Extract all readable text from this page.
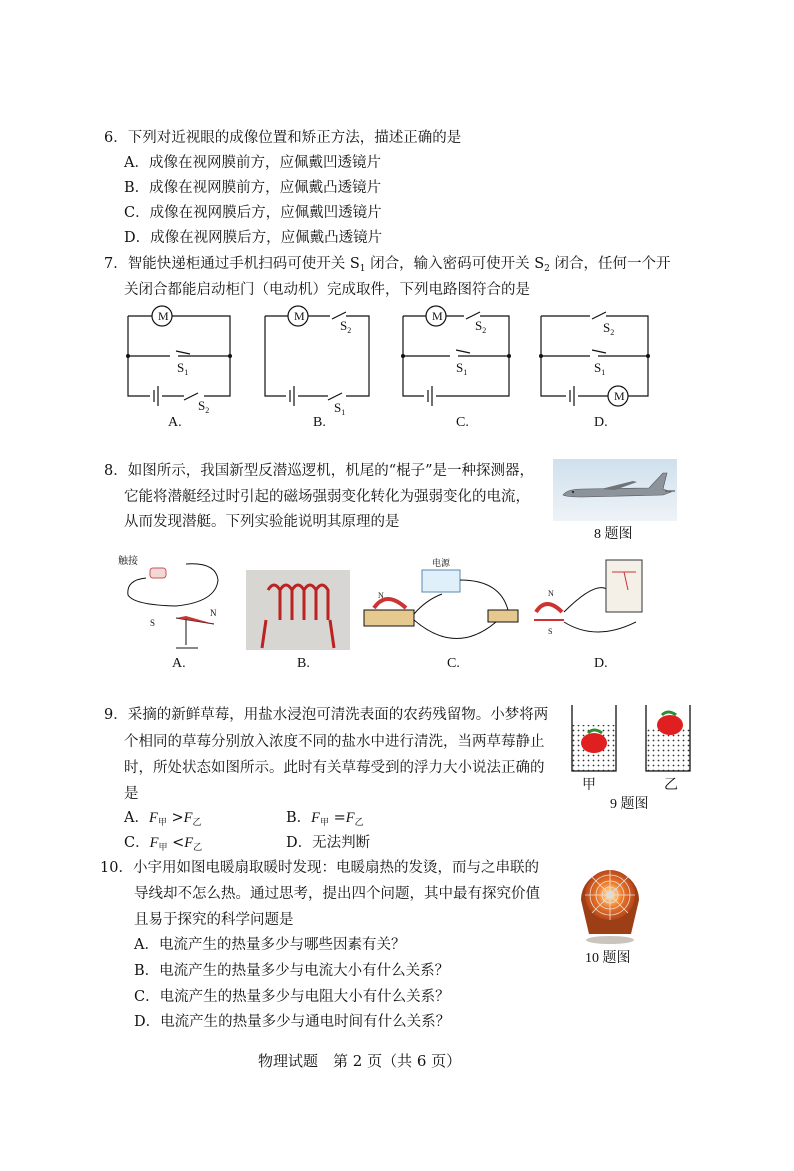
6．下列对近视眼的成像位置和矫正方法，描述正确的是
A．成像在视网膜前方，应佩戴凹透镜片
B．成像在视网膜前方，应佩戴凸透镜片
C．成像在视网膜后方，应佩戴凹透镜片
D．成像在视网膜后方，应佩戴凸透镜片
7．智能快递柜通过手机扫码可使开关 $S_1$ 闭合，输入密码可使开关 $S_2$ 闭合，任何一个开
关闭合都能启动柜门（电动机）完成取件，下列电路图符合的是
M	M	M
M
$S_1$
$S_2$
$S_2$
$S_1$
$S_2$
$S_1$
$S_2$
$S_1$
A.	B.	C.	D.
8．如图所示，我国新型反潜巡逻机，机尾的“棍子”是一种探测器，
它能将潜艇经过时引起的磁场强弱变化转化为强弱变化的电流，
从而发现潜艇。下列实验能说明其原理的是
8 题图
触接
N
S
N
电源
N
S
A.	B.	C.	D.
9．采摘的新鲜草莓，用盐水浸泡可清洗表面的农药残留物。小梦将两
个相同的草莓分别放入浓度不同的盐水中进行清洗，当两草莓静止
时，所处状态如图所示。此时有关草莓受到的浮力大小说法正确的
是
甲	乙
9 题图
A．$F_甲 >F_乙$	B．$F_甲 =F_乙$
C．$F_甲 <F_乙$	D．无法判断
10．小宇用如图电暖扇取暖时发现：电暖扇热的发烫，而与之串联的
导线却不怎么热。通过思考，提出四个问题，其中最有探究价值
且易于探究的科学问题是
A．电流产生的热量多少与哪些因素有关？
B．电流产生的热量多少与电流大小有什么关系？
C．电流产生的热量多少与电阻大小有什么关系？
D．电流产生的热量多少与通电时间有什么关系？
10 题图
物理试题　第 2 页（共 6 页）
